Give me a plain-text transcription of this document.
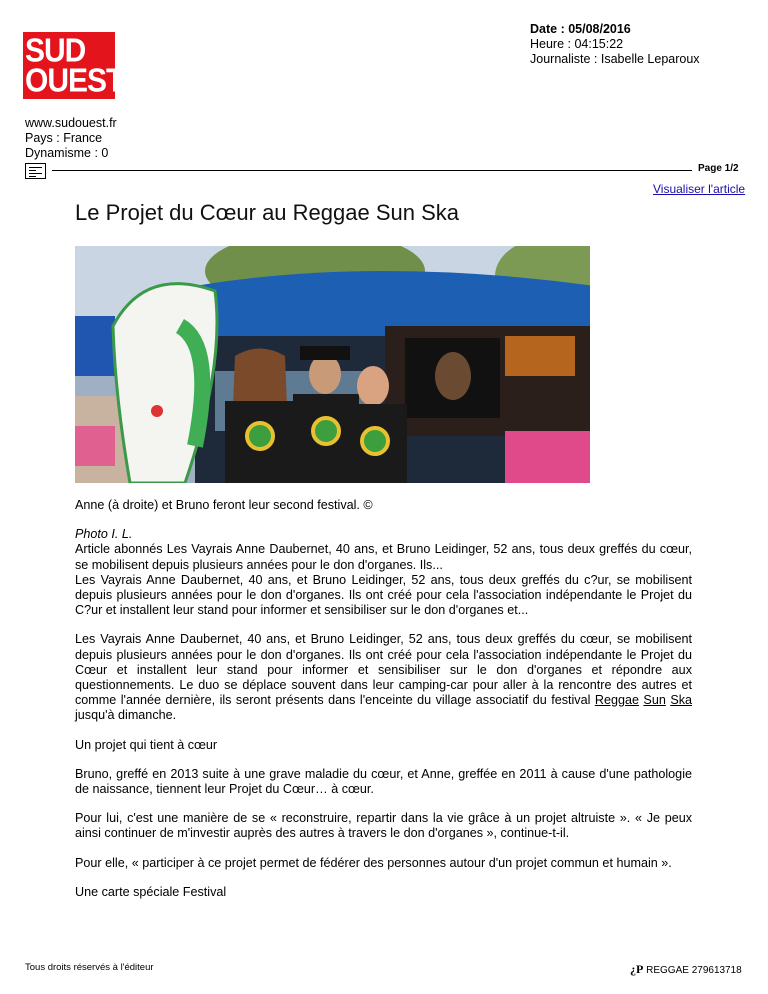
SUD
OUEST
Date : 05/08/2016
Heure : 04:15:22
Journaliste : Isabelle Leparoux
www.sudouest.fr
Pays : France
Dynamisme : 0
Page 1/2
Visualiser l'article
Le Projet du Cœur au Reggae Sun Ska

Anne (à droite) et Bruno feront leur second festival. ©

Photo I. L.

Article abonnés Les Vayrais Anne Daubernet, 40 ans, et Bruno Leidinger, 52 ans, tous deux greffés du cœur, se mobilisent depuis plusieurs années pour le don d'organes. Ils...

Les Vayrais Anne Daubernet, 40 ans, et Bruno Leidinger, 52 ans, tous deux greffés du c?ur, se mobilisent depuis plusieurs années pour le don d'organes. Ils ont créé pour cela l'association indépendante le Projet du C?ur et installent leur stand pour informer et sensibiliser sur le don d'organes et...

Les Vayrais Anne Daubernet, 40 ans, et Bruno Leidinger, 52 ans, tous deux greffés du cœur, se mobilisent depuis plusieurs années pour le don d'organes. Ils ont créé pour cela l'association indépendante le Projet du Cœur et installent leur stand pour informer et sensibiliser sur le don d'organes et répondre aux questionnements. Le duo se déplace souvent dans leur camping-car pour aller à la rencontre des autres et comme l'année dernière, ils seront présents dans l'enceinte du village associatif du festival Reggae Sun Ska jusqu'à dimanche.

Un projet qui tient à cœur

Bruno, greffé en 2013 suite à une grave maladie du cœur, et Anne, greffée en 2011 à cause d'une pathologie de naissance, tiennent leur Projet du Cœur… à cœur.

Pour lui, c'est une manière de se « reconstruire, repartir dans la vie grâce à un projet altruiste ». « Je peux ainsi continuer de m'investir auprès des autres à travers le don d'organes », continue-t-il.

Pour elle, « participer à ce projet permet de fédérer des personnes autour d'un projet commun et humain ».

Une carte spéciale Festival

Tous droits réservés à l'éditeur	¿P REGGAE 279613718
